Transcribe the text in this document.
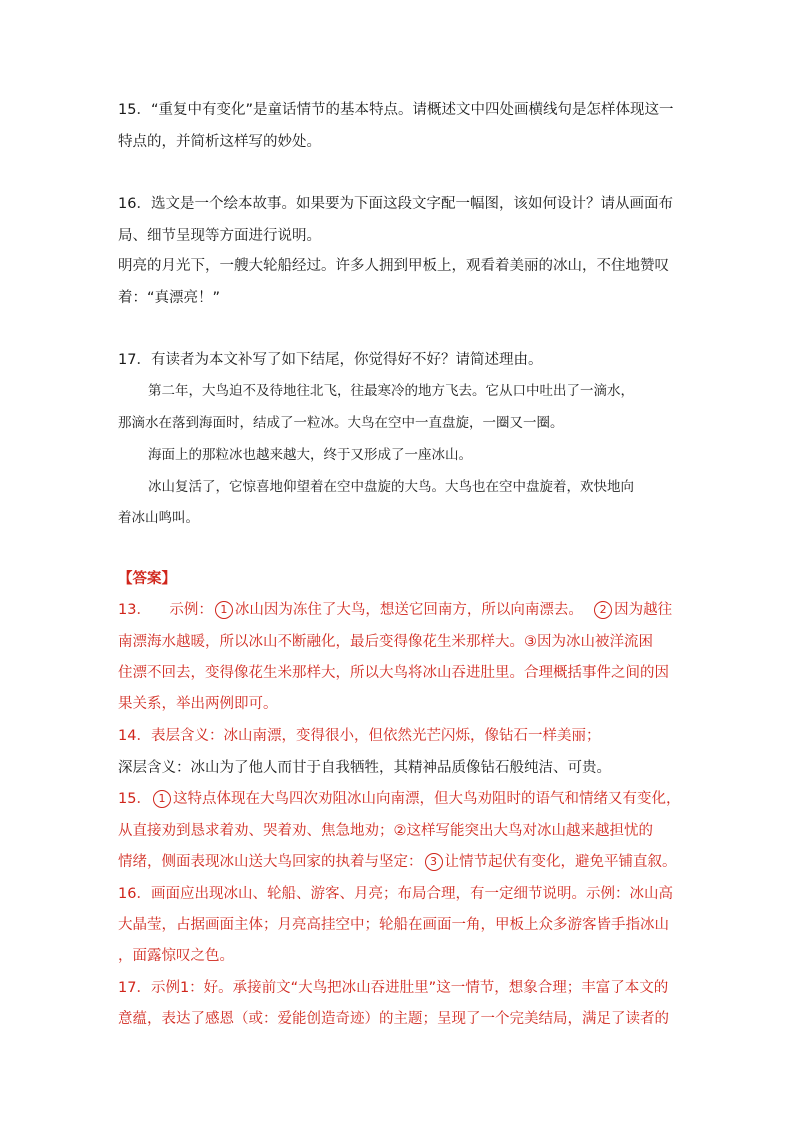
15．“重复中有变化”是童话情节的基本特点。请概述文中四处画横线句是怎样体现这一
特点的，并简析这样写的妙处。
16．选文是一个绘本故事。如果要为下面这段文字配一幅图，该如何设计？请从画面布
局、细节呈现等方面进行说明。
明亮的月光下，一艘大轮船经过。许多人拥到甲板上，观看着美丽的冰山，不住地赞叹
着：“真漂亮！”
17．有读者为本文补写了如下结尾，你觉得好不好？请简述理由。
第二年，大鸟迫不及待地往北飞，往最寒冷的地方飞去。它从口中吐出了一滴水，
那滴水在落到海面时，结成了一粒冰。大鸟在空中一直盘旋，一圈又一圈。
海面上的那粒冰也越来越大，终于又形成了一座冰山。
冰山复活了，它惊喜地仰望着在空中盘旋的大鸟。大鸟也在空中盘旋着，欢快地向
着冰山鸣叫。
【答案】
13． 示例： 1 冰山因为冻住了大鸟，想送它回南方，所以向南漂去。 2 因为越往
南漂海水越暖，所以冰山不断融化，最后变得像花生米那样大。③因为冰山被洋流困
住漂不回去，变得像花生米那样大，所以大鸟将冰山吞进肚里。合理概括事件之间的因
果关系，举出两例即可。
14．表层含义：冰山南漂，变得很小，但依然光芒闪烁，像钻石一样美丽；
深层含义：冰山为了他人而甘于自我牺牲，其精神品质像钻石般纯洁、可贵。
15． 1 这特点体现在大鸟四次劝阻冰山向南漂，但大鸟劝阻时的语气和情绪又有变化，
从直接劝到恳求着劝、哭着劝、焦急地劝；②这样写能突出大鸟对冰山越来越担忧的
情绪，侧面表现冰山送大鸟回家的执着与坚定： 3 让情节起伏有变化，避免平铺直叙。
16．画面应出现冰山、轮船、游客、月亮；布局合理，有一定细节说明。示例：冰山高
大晶莹，占据画面主体；月亮高挂空中；轮船在画面一角，甲板上众多游客皆手指冰山
，面露惊叹之色。
17．示例1：好。承接前文“大鸟把冰山吞进肚里”这一情节，想象合理；丰富了本文的
意蕴，表达了感恩（或：爱能创造奇迹）的主题；呈现了一个完美结局，满足了读者的
